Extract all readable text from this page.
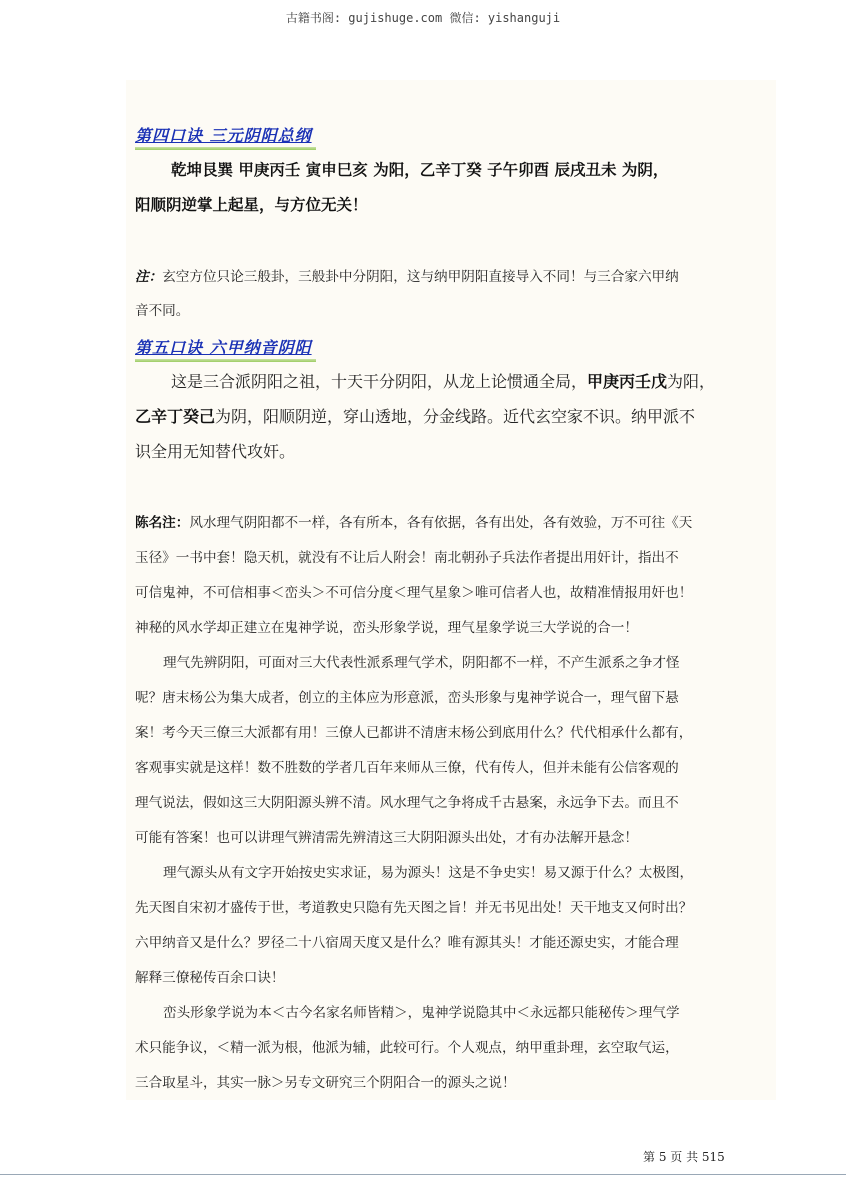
古籍书阁: gujishuge.com 微信: yishanguji
第四口诀 三元阴阳总纲
乾坤艮巽 甲庚丙壬 寅申巳亥 为阳，乙辛丁癸 子午卯酉 辰戌丑未 为阴，
阳顺阴逆掌上起星，与方位无关！
注：玄空方位只论三般卦，三般卦中分阴阳，这与纳甲阴阳直接导入不同！与三合家六甲纳
音不同。
第五口诀 六甲纳音阴阳
这是三合派阴阳之祖，十天干分阴阳，从龙上论惯通全局，甲庚丙壬戊为阳，
乙辛丁癸己为阴，阳顺阴逆，穿山透地，分金线路。近代玄空家不识。纳甲派不
识全用无知替代攻奸。
陈名注：风水理气阴阳都不一样，各有所本，各有依据，各有出处，各有效验，万不可往《天
玉径》一书中套！隐天机，就没有不让后人附会！南北朝孙子兵法作者提出用奸计，指出不
可信鬼神，不可信相事＜峦头＞不可信分度＜理气星象＞唯可信者人也，故精准情报用奸也！
神秘的风水学却正建立在鬼神学说，峦头形象学说，理气星象学说三大学说的合一！
理气先辨阴阳，可面对三大代表性派系理气学术，阴阳都不一样，不产生派系之争才怪
呢？唐末杨公为集大成者，创立的主体应为形意派，峦头形象与鬼神学说合一，理气留下悬
案！考今天三僚三大派都有用！三僚人已都讲不清唐末杨公到底用什么？代代相承什么都有，
客观事实就是这样！数不胜数的学者几百年来师从三僚，代有传人，但并未能有公信客观的
理气说法，假如这三大阴阳源头辨不清。风水理气之争将成千古悬案，永远争下去。而且不
可能有答案！也可以讲理气辨清需先辨清这三大阴阳源头出处，才有办法解开悬念！
理气源头从有文字开始按史实求证，易为源头！这是不争史实！易又源于什么？太极图，
先天图自宋初才盛传于世，考道教史只隐有先天图之旨！并无书见出处！天干地支又何时出？
六甲纳音又是什么？罗径二十八宿周天度又是什么？唯有源其头！才能还源史实，才能合理
解释三僚秘传百余口诀！
峦头形象学说为本＜古今名家名师皆精＞，鬼神学说隐其中＜永远都只能秘传＞理气学
术只能争议，＜精一派为根，他派为辅，此较可行。个人观点，纳甲重卦理，玄空取气运，
三合取星斗，其实一脉＞另专文研究三个阴阳合一的源头之说！
第 5 页 共 515
